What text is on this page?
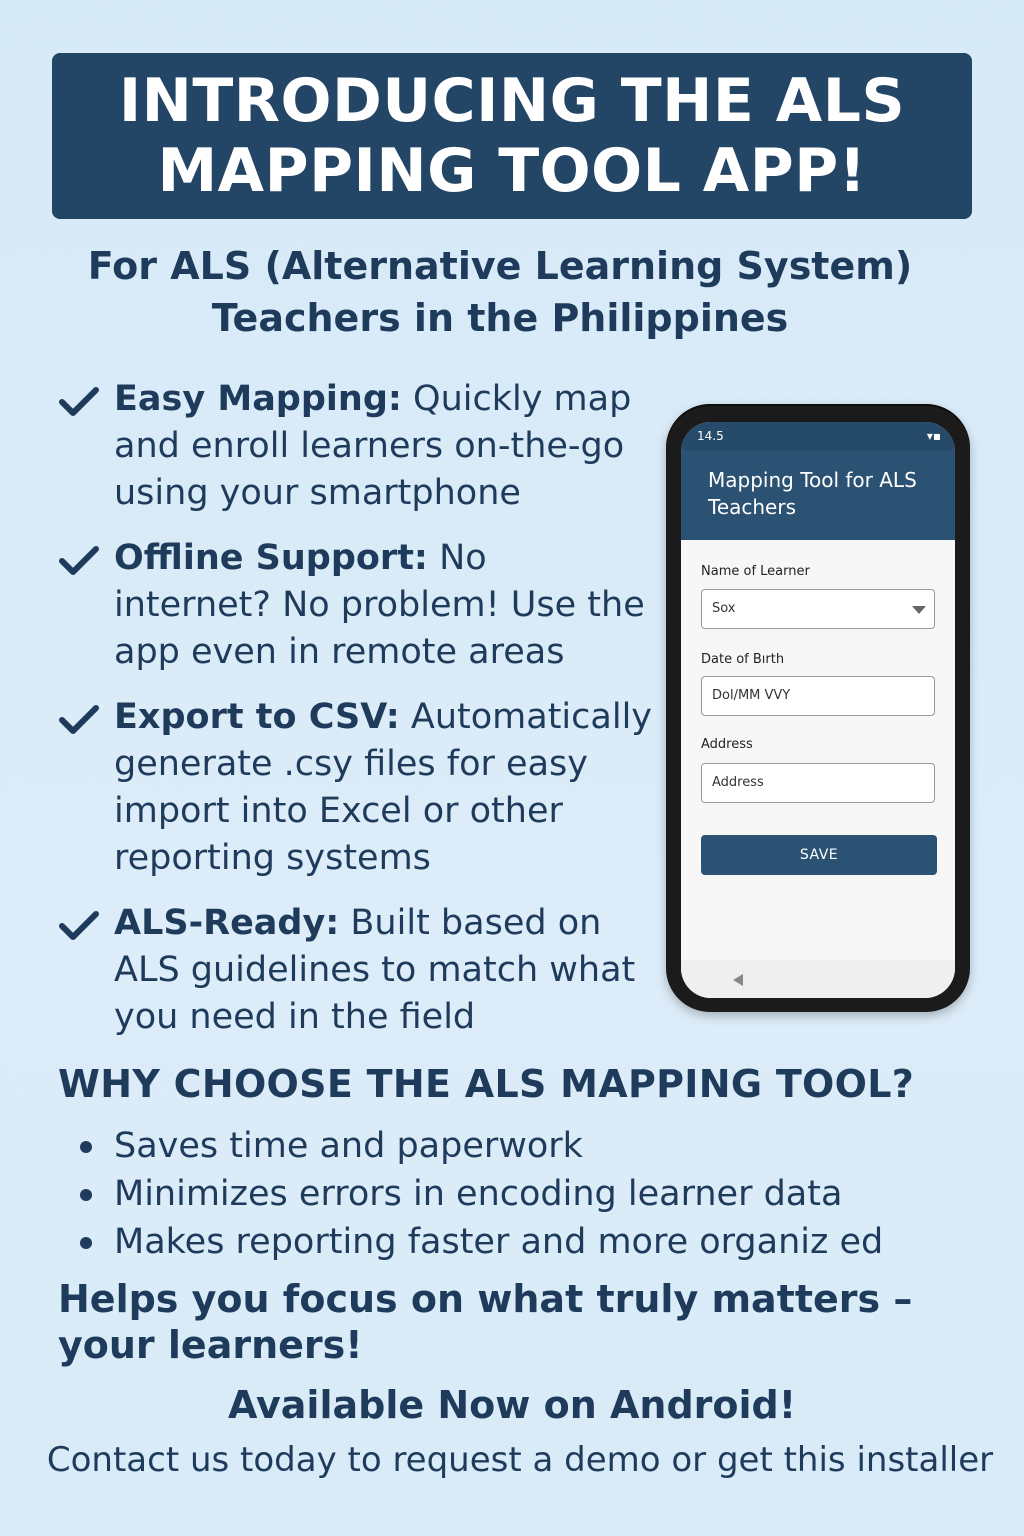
INTRODUCING THE ALS
MAPPING TOOL APP!
For ALS (Alternative Learning System)
Teachers in the Philippines
Easy Mapping: Quickly map and enroll learners on-the-go using your smartphone
Offline Support: No internet? No problem! Use the app even in remote areas
Export to CSV: Automatically generate .csy files for easy import into Excel or other reporting systems
ALS-Ready: Built based on ALS guidelines to match what you need in the field
14.5	▾▪

Mapping Tool for ALS
Teachers

Name of Learner
Sox
Date of Bırth
Dol/MM VVY
Address
Address
SAVE
WHY CHOOSE THE ALS MAPPING TOOL?
Saves time and paperwork
Minimizes errors in encoding learner data
Makes reporting faster and more organiz ed

Helps you focus on what truly matters –
your learners!

Available Now on Android!

Contact us today to request a demo or get this installer
